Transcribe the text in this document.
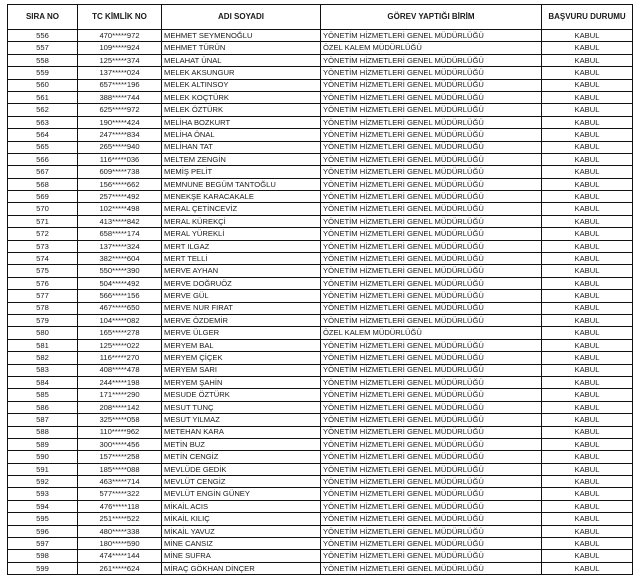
SIRA NO	TC KİMLİK NO	ADI SOYADI	GÖREV YAPTIĞI BİRİM	BAŞVURU DURUMU
556	470*****972	MEHMET SEYMENOĞLU	YÖNETİM HİZMETLERİ GENEL MÜDÜRLÜĞÜ	KABUL
557	109*****924	MEHMET TÜRÜN	ÖZEL KALEM MÜDÜRLÜĞÜ	KABUL
558	125*****374	MELAHAT ÜNAL	YÖNETİM HİZMETLERİ GENEL MÜDÜRLÜĞÜ	KABUL
559	137*****024	MELEK AKSUNGUR	YÖNETİM HİZMETLERİ GENEL MÜDÜRLÜĞÜ	KABUL
560	657*****196	MELEK ALTINSOY	YÖNETİM HİZMETLERİ GENEL MÜDÜRLÜĞÜ	KABUL
561	388*****744	MELEK KOÇTÜRK	YÖNETİM HİZMETLERİ GENEL MÜDÜRLÜĞÜ	KABUL
562	625*****972	MELEK ÖZTÜRK	YÖNETİM HİZMETLERİ GENEL MÜDÜRLÜĞÜ	KABUL
563	190*****424	MELİHA BOZKURT	YÖNETİM HİZMETLERİ GENEL MÜDÜRLÜĞÜ	KABUL
564	247*****834	MELİHA ÖNAL	YÖNETİM HİZMETLERİ GENEL MÜDÜRLÜĞÜ	KABUL
565	265*****940	MELİHAN TAT	YÖNETİM HİZMETLERİ GENEL MÜDÜRLÜĞÜ	KABUL
566	116*****036	MELTEM ZENGİN	YÖNETİM HİZMETLERİ GENEL MÜDÜRLÜĞÜ	KABUL
567	609*****738	MEMİŞ PELİT	YÖNETİM HİZMETLERİ GENEL MÜDÜRLÜĞÜ	KABUL
568	156*****662	MEMNUNE BEGÜM TANTOĞLU	YÖNETİM HİZMETLERİ GENEL MÜDÜRLÜĞÜ	KABUL
569	257*****492	MENEKŞE KARACAKALE	YÖNETİM HİZMETLERİ GENEL MÜDÜRLÜĞÜ	KABUL
570	102*****498	MERAL ÇETİNCEVİZ	YÖNETİM HİZMETLERİ GENEL MÜDÜRLÜĞÜ	KABUL
571	413*****842	MERAL KÜREKÇİ	YÖNETİM HİZMETLERİ GENEL MÜDÜRLÜĞÜ	KABUL
572	658*****174	MERAL YÜREKLİ	YÖNETİM HİZMETLERİ GENEL MÜDÜRLÜĞÜ	KABUL
573	137*****324	MERT ILGAZ	YÖNETİM HİZMETLERİ GENEL MÜDÜRLÜĞÜ	KABUL
574	382*****604	MERT TELLİ	YÖNETİM HİZMETLERİ GENEL MÜDÜRLÜĞÜ	KABUL
575	550*****390	MERVE AYHAN	YÖNETİM HİZMETLERİ GENEL MÜDÜRLÜĞÜ	KABUL
576	504*****492	MERVE DOĞRUÖZ	YÖNETİM HİZMETLERİ GENEL MÜDÜRLÜĞÜ	KABUL
577	566*****156	MERVE GÜL	YÖNETİM HİZMETLERİ GENEL MÜDÜRLÜĞÜ	KABUL
578	467*****650	MERVE NUR FIRAT	YÖNETİM HİZMETLERİ GENEL MÜDÜRLÜĞÜ	KABUL
579	104*****082	MERVE ÖZDEMİR	YÖNETİM HİZMETLERİ GENEL MÜDÜRLÜĞÜ	KABUL
580	165*****278	MERVE ÜLGER	ÖZEL KALEM MÜDÜRLÜĞÜ	KABUL
581	125*****022	MERYEM BAL	YÖNETİM HİZMETLERİ GENEL MÜDÜRLÜĞÜ	KABUL
582	116*****270	MERYEM ÇİÇEK	YÖNETİM HİZMETLERİ GENEL MÜDÜRLÜĞÜ	KABUL
583	408*****478	MERYEM SARI	YÖNETİM HİZMETLERİ GENEL MÜDÜRLÜĞÜ	KABUL
584	244*****198	MERYEM ŞAHİN	YÖNETİM HİZMETLERİ GENEL MÜDÜRLÜĞÜ	KABUL
585	171*****290	MESUDE ÖZTÜRK	YÖNETİM HİZMETLERİ GENEL MÜDÜRLÜĞÜ	KABUL
586	208*****142	MESUT TUNÇ	YÖNETİM HİZMETLERİ GENEL MÜDÜRLÜĞÜ	KABUL
587	325*****058	MESUT YILMAZ	YÖNETİM HİZMETLERİ GENEL MÜDÜRLÜĞÜ	KABUL
588	110*****962	METEHAN KARA	YÖNETİM HİZMETLERİ GENEL MÜDÜRLÜĞÜ	KABUL
589	300*****456	METİN BUZ	YÖNETİM HİZMETLERİ GENEL MÜDÜRLÜĞÜ	KABUL
590	157*****258	METİN CENGİZ	YÖNETİM HİZMETLERİ GENEL MÜDÜRLÜĞÜ	KABUL
591	185*****088	MEVLÜDE GEDİK	YÖNETİM HİZMETLERİ GENEL MÜDÜRLÜĞÜ	KABUL
592	463*****714	MEVLÜT CENGİZ	YÖNETİM HİZMETLERİ GENEL MÜDÜRLÜĞÜ	KABUL
593	577*****322	MEVLÜT ENGİN GÜNEY	YÖNETİM HİZMETLERİ GENEL MÜDÜRLÜĞÜ	KABUL
594	476*****118	MİKAİL ACIS	YÖNETİM HİZMETLERİ GENEL MÜDÜRLÜĞÜ	KABUL
595	251*****522	MİKAİL KILIÇ	YÖNETİM HİZMETLERİ GENEL MÜDÜRLÜĞÜ	KABUL
596	480*****338	MİKAİL YAVUZ	YÖNETİM HİZMETLERİ GENEL MÜDÜRLÜĞÜ	KABUL
597	180*****590	MİNE CANSIZ	YÖNETİM HİZMETLERİ GENEL MÜDÜRLÜĞÜ	KABUL
598	474*****144	MİNE SUFRA	YÖNETİM HİZMETLERİ GENEL MÜDÜRLÜĞÜ	KABUL
599	261*****624	MİRAÇ GÖKHAN DİNÇER	YÖNETİM HİZMETLERİ GENEL MÜDÜRLÜĞÜ	KABUL
